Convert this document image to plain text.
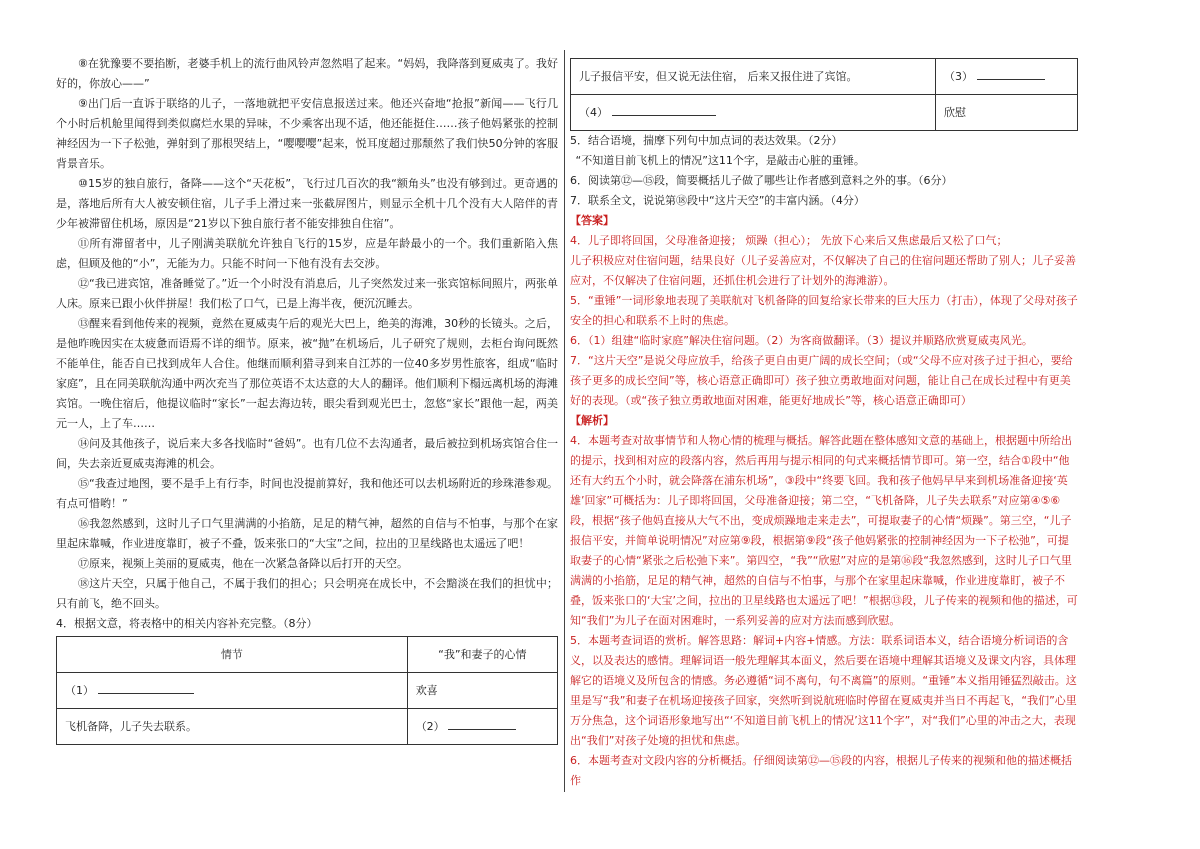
⑧在犹豫要不要掐断，老婆手机上的流行曲风铃声忽然唱了起来。“妈妈，我降落到夏威夷了。我好好的，你放心——”

⑨出门后一直诉于联络的儿子，一落地就把平安信息报送过来。他还兴奋地“抢报”新闻——飞行几个小时后机舱里闻得到类似腐烂水果的异味，不少乘客出现不适，他还能挺住……孩子他妈紧张的控制神经因为一下子松弛，弹射到了那根哭结上，“嘤嘤嘤”起来，悦耳度超过那颓然了我们快50分钟的客服背景音乐。

⑩15岁的独自旅行，备降——这个“天花板”，飞行过几百次的我“额角头”也没有够到过。更奇遇的是，落地后所有大人被安顿住宿，儿子手上滑过来一张截屏图片，则显示全机十几个没有大人陪伴的青少年被滞留住机场，原因是“21岁以下独自旅行者不能安排独自住宿”。

⑪所有滞留者中，儿子刚满美联航允许独自飞行的15岁，应是年龄最小的一个。我们重新陷入焦虑，但顾及他的“小”，无能为力。只能不时问一下他有没有去交涉。

⑫“我已进宾馆，准备睡觉了。”近一个小时没有消息后，儿子突然发过来一张宾馆标间照片，两张单人床。原来已跟小伙伴拼屋！我们松了口气，已是上海半夜，便沉沉睡去。

⑬醒来看到他传来的视频，竟然在夏威夷午后的观光大巴上，绝美的海滩，30秒的长镜头。之后，是他昨晚因实在太疲惫而语焉不详的细节。原来，被“抛”在机场后，儿子研究了规则，去柜台询问既然不能单住，能否自已找到成年人合住。他继而顺利猎寻到来自江苏的一位40多岁男性旅客，组成“临时家庭”，且在同美联航沟通中两次充当了那位英语不太达意的大人的翻译。他们顺利下榻远离机场的海滩宾馆。一晚住宿后，他提议临时“家长”一起去海边转，眼尖看到观光巴士，忽悠“家长”跟他一起，两美元一人，上了车……

⑭问及其他孩子，说后来大多各找临时“爸妈”。也有几位不去沟通者，最后被拉到机场宾馆合住一间，失去亲近夏威夷海滩的机会。

⑮“我查过地图，要不是手上有行李，时间也没提前算好，我和他还可以去机场附近的珍珠港参观。有点可惜哟！”

⑯我忽然感到，这时儿子口气里满满的小掐筋，足足的精气神，超然的自信与不怕事，与那个在家里起床靠喊，作业进度靠盯，被子不叠，饭来张口的“大宝”之间，拉出的卫星线路也太遥远了吧！

⑰原来，视频上美丽的夏威夷，他在一次紧急备降以后打开的天空。

⑱这片天空，只属于他自己，不属于我们的担心；只会明亮在成长中，不会黯淡在我们的担忧中；只有前飞，绝不回头。

4．根据文意，将表格中的相关内容补充完整。（8分）

情节	“我”和妻子的心情
（1）	欢喜
飞机备降，儿子失去联系。	（2）
儿子报信平安，但又说无法住宿， 后来又报住进了宾馆。	（3）
（4）	欣慰

5．结合语境，揣摩下列句中加点词的表达效果。（2分）

“不知道目前飞机上的情况”这11个字，是敲击心脏的重锤。

6．阅读第⑫—⑮段，简要概括儿子做了哪些让作者感到意料之外的事。（6分）

7．联系全文，说说第⑱段中“这片天空”的丰富内涵。（4分）

【答案】

4．儿子即将回国，父母准备迎接； 烦躁（担心）； 先放下心来后又焦虑最后又松了口气；

儿子积极应对住宿问题，结果良好（儿子妥善应对，不仅解决了自己的住宿问题还帮助了别人；儿子妥善应对，不仅解决了住宿问题，还抓住机会进行了计划外的海滩游）。

5．“重锤”一词形象地表现了美联航对飞机备降的回复给家长带来的巨大压力（打击），体现了父母对孩子安全的担心和联系不上时的焦虑。

6．（1）组建“临时家庭”解决住宿问题。（2）为客商做翻译。（3）提议并顺路欣赏夏威夷风光。

7．“这片天空”是说父母应放手，给孩子更自由更广阔的成长空间；（或“父母不应对孩子过于担心，要给孩子更多的成长空间”等，核心语意正确即可）孩子独立勇敢地面对问题，能让自己在成长过程中有更美好的表现。（或“孩子独立勇敢地面对困难，能更好地成长”等，核心语意正确即可）

【解析】

4．本题考查对故事情节和人物心情的梳理与概括。解答此题在整体感知文意的基础上，根据题中所给出的提示，找到相对应的段落内容，然后再用与提示相同的句式来概括情节即可。第一空，结合①段中“他还有大约五个小时，就会降落在浦东机场”，③段中“终要飞回。我和孩子他妈早早来到机场准备迎接‘英雄’回家”可概括为：儿子即将回国，父母准备迎接；第二空，“飞机备降，儿子失去联系”对应第④⑤⑥段，根据“孩子他妈直接从大气不出，变成烦躁地走来走去”，可提取妻子的心情“烦躁”。第三空，“儿子报信平安，并简单说明情况”对应第⑨段，根据第⑨段“孩子他妈紧张的控制神经因为一下子松弛”，可提取妻子的心情“紧张之后松弛下来”。第四空，“我”“欣慰”对应的是第⑯段“我忽然感到，这时儿子口气里满满的小掐筋，足足的精气神，超然的自信与不怕事，与那个在家里起床靠喊，作业进度靠盯，被子不叠，饭来张口的‘大宝’之间，拉出的卫星线路也太遥远了吧！”根据⑬段，儿子传来的视频和他的描述，可知“我们”为儿子在面对困难时，一系列妥善的应对方法而感到欣慰。

5．本题考查词语的赏析。解答思路：解词+内容+情感。方法：联系词语本义，结合语境分析词语的含义，以及表达的感情。理解词语一般先理解其本面义，然后要在语境中理解其语境义及课文内容，具体理解它的语境义及所包含的情感。务必遵循“词不离句，句不离篇”的原则。“重锤”本义指用锤猛烈敲击。这里是写“我”和妻子在机场迎接孩子回家，突然听到说航班临时停留在夏威夷并当日不再起飞，“我们”心里万分焦急，这个词语形象地写出“‘不知道目前飞机上的情况’这11个字”，对“我们”心里的冲击之大，表现出“我们”对孩子处境的担忧和焦虑。

6．本题考查对文段内容的分析概括。仔细阅读第⑫—⑮段的内容，根据儿子传来的视频和他的描述概括作
